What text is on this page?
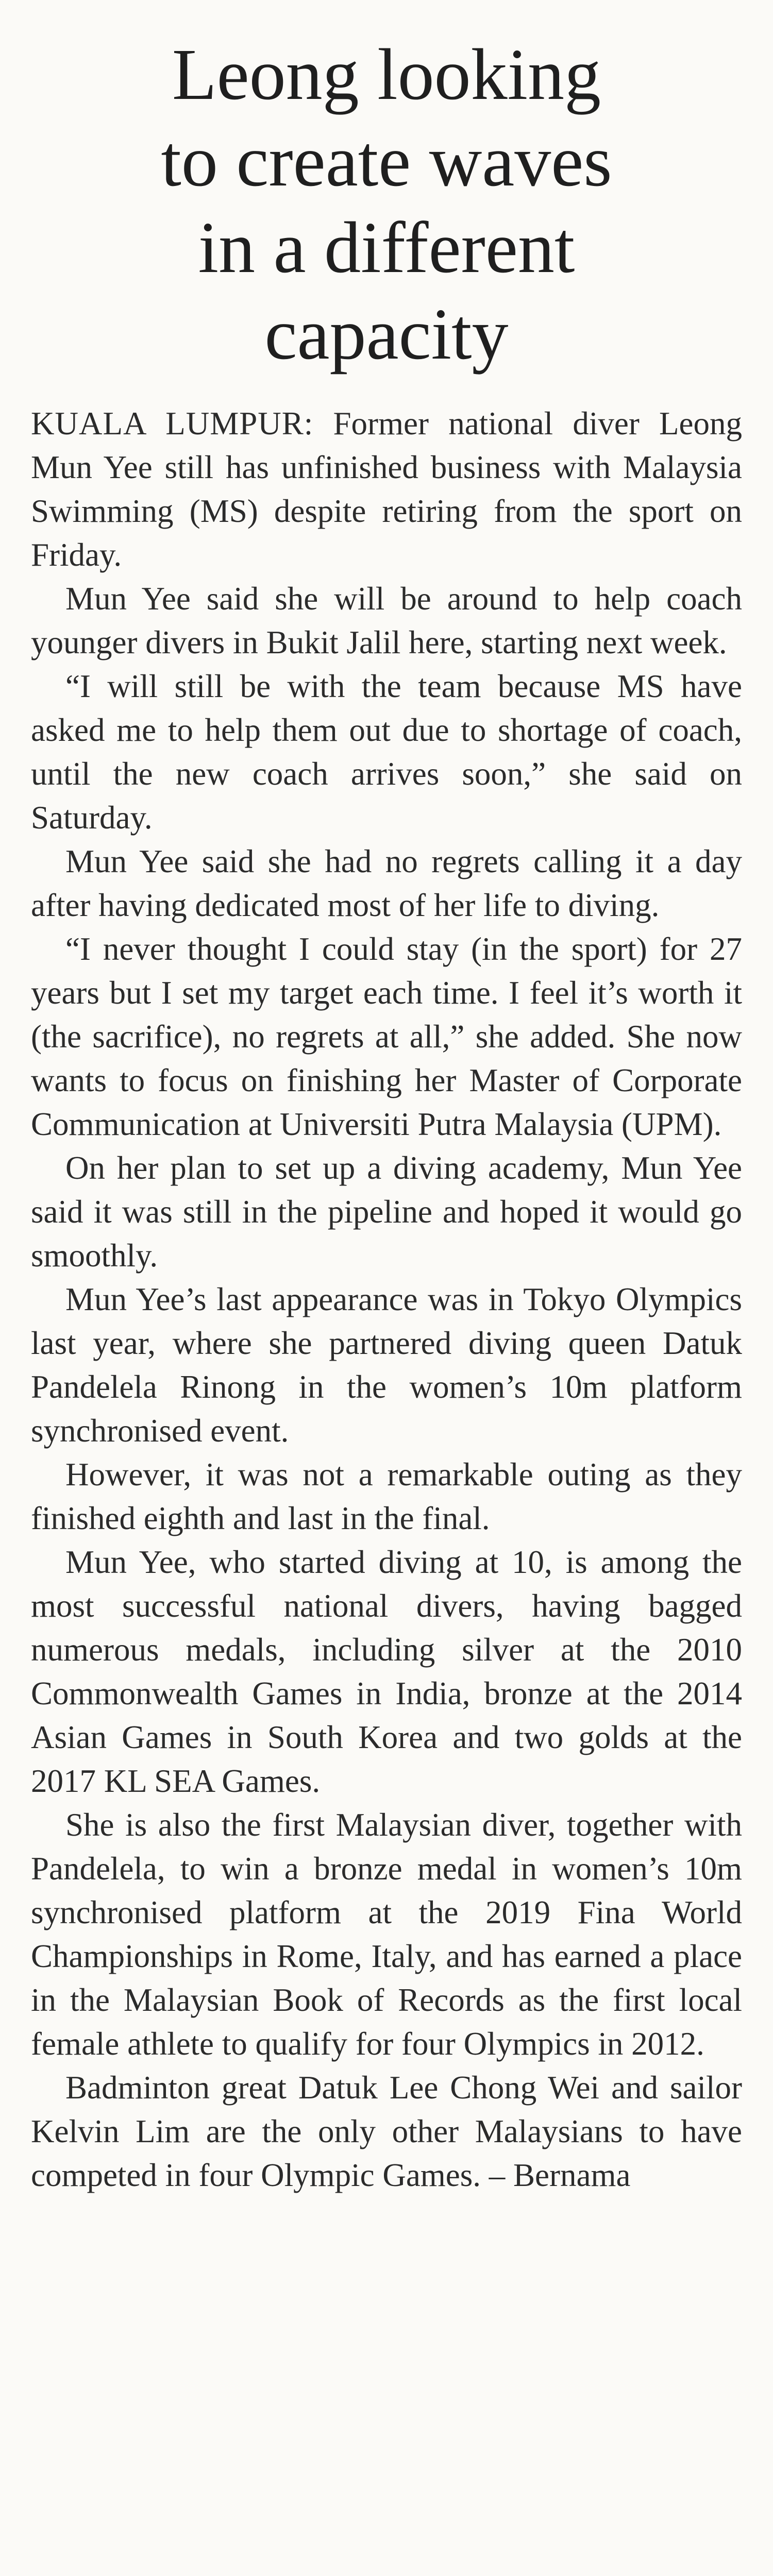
Leong looking
to create waves
in a different
capacity

KUALA LUMPUR: Former national diver Leong Mun Yee still has unfinished business with Malaysia Swimming (MS) despite retiring from the sport on Friday.

Mun Yee said she will be around to help coach younger divers in Bukit Jalil here, starting next week.

“I will still be with the team because MS have asked me to help them out due to shortage of coach, until the new coach arrives soon,” she said on Saturday.

Mun Yee said she had no regrets calling it a day after having dedicated most of her life to diving.

“I never thought I could stay (in the sport) for 27 years but I set my target each time. I feel it’s worth it (the sacrifice), no regrets at all,” she added. She now wants to focus on finishing her Master of Corporate Communication at Universiti Putra Malaysia (UPM).

On her plan to set up a diving academy, Mun Yee said it was still in the pipeline and hoped it would go smoothly.

Mun Yee’s last appearance was in Tokyo Olympics last year, where she partnered diving queen Datuk Pandelela Rinong in the women’s 10m platform synchronised event.

However, it was not a remarkable outing as they finished eighth and last in the final.

Mun Yee, who started diving at 10, is among the most successful national divers, having bagged numerous medals, including silver at the 2010 Commonwealth Games in India, bronze at the 2014 Asian Games in South Korea and two golds at the 2017 KL SEA Games.

She is also the first Malaysian diver, together with Pandelela, to win a bronze medal in women’s 10m synchronised platform at the 2019 Fina World Championships in Rome, Italy, and has earned a place in the Malaysian Book of Records as the first local female athlete to qualify for four Olympics in 2012.

Badminton great Datuk Lee Chong Wei and sailor Kelvin Lim are the only other Malaysians to have competed in four Olympic Games. – Bernama
